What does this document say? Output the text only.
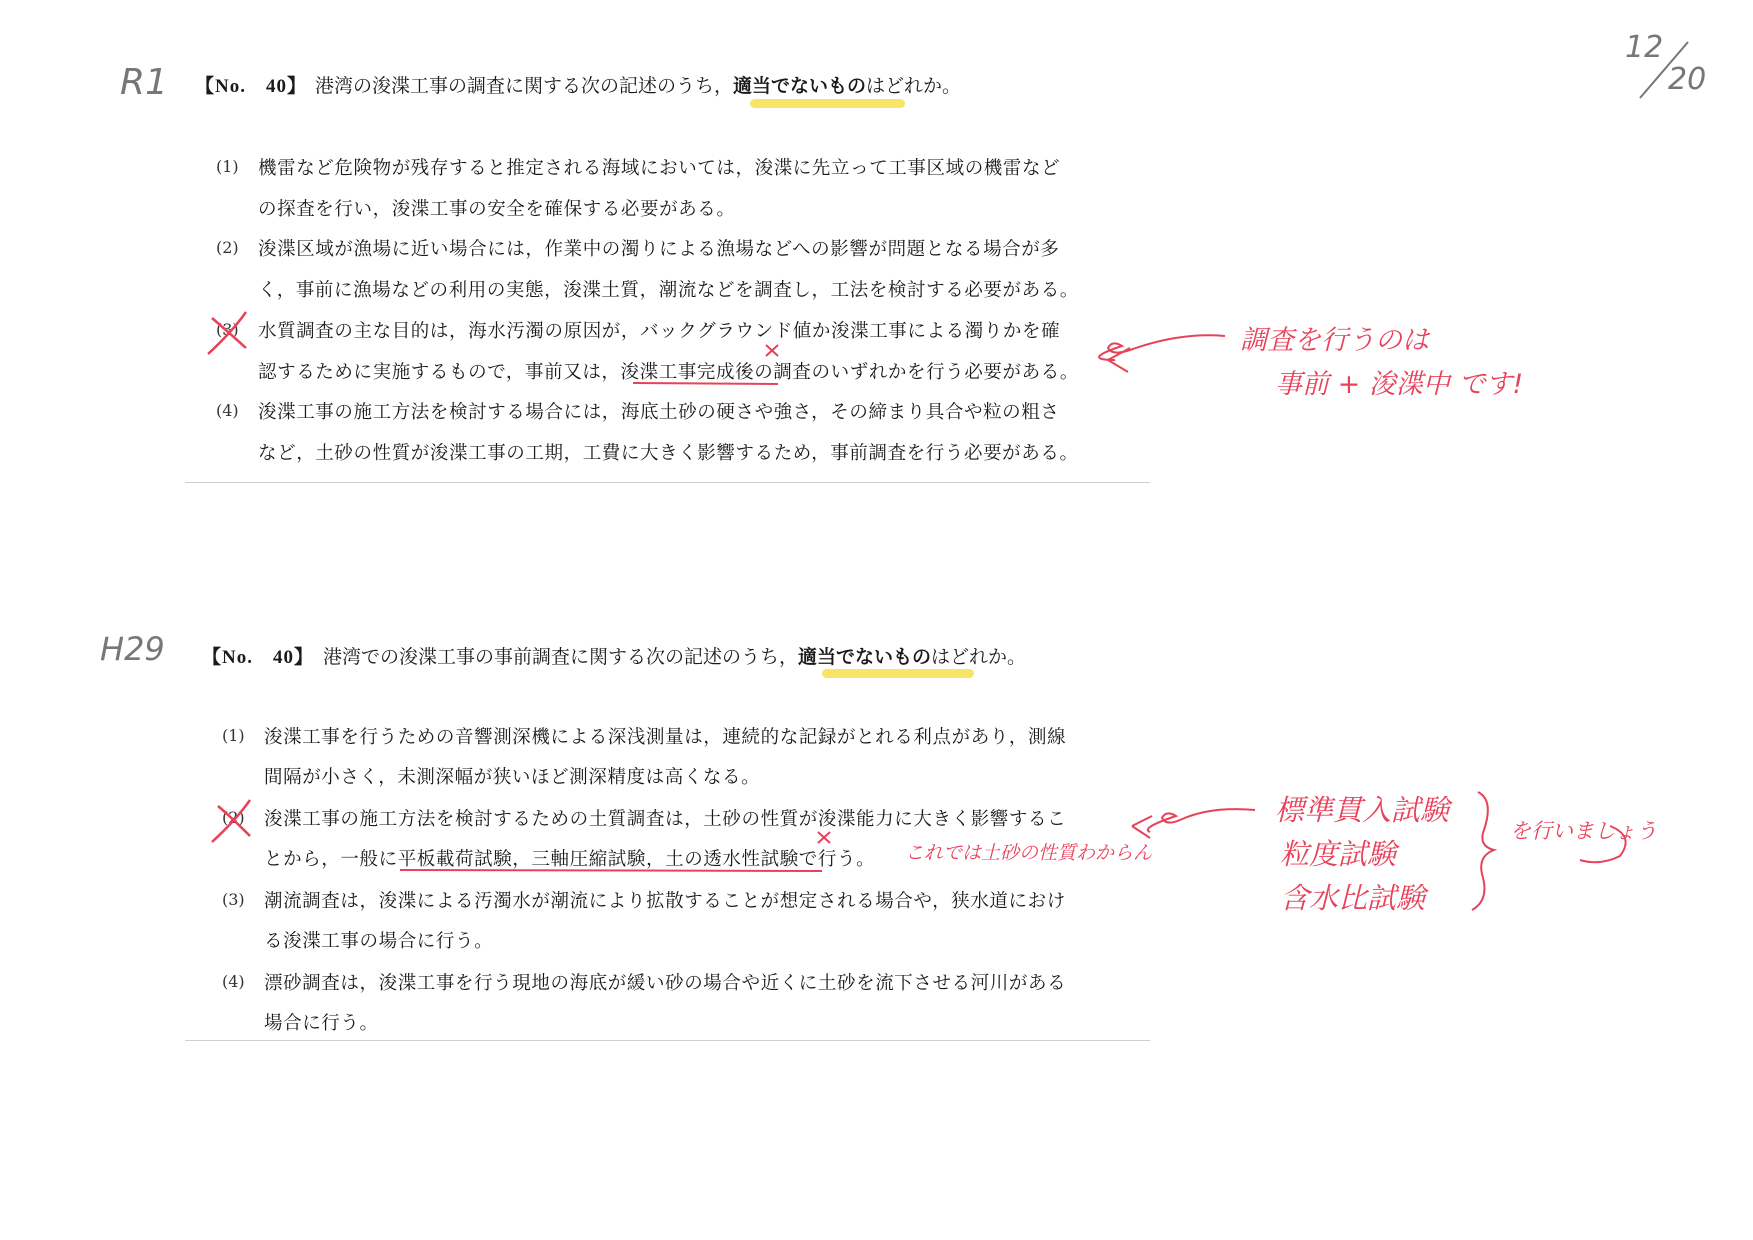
12
20
R1 【No.　40】 港湾の浚渫工事の調査に関する次の記述のうち，適当でないものはどれか。
(1) 機雷など危険物が残存すると推定される海域においては，浚渫に先立って工事区域の機雷など
の探査を行い，浚渫工事の安全を確保する必要がある。
(2) 浚渫区域が漁場に近い場合には，作業中の濁りによる漁場などへの影響が問題となる場合が多
く，事前に漁場などの利用の実態，浚渫土質，潮流などを調査し，工法を検討する必要がある。
(3) 水質調査の主な目的は，海水汚濁の原因が，バックグラウンド値か浚渫工事による濁りかを確
認するために実施するもので，事前又は，浚渫工事完成後の調査のいずれかを行う必要がある。
(4) 浚渫工事の施工方法を検討する場合には，海底土砂の硬さや強さ，その締まり具合や粒の粗さ
など，土砂の性質が浚渫工事の工期，工費に大きく影響するため，事前調査を行う必要がある。
調査を行うのは
事前 + 浚渫中 です!
H29 【No.　40】 港湾での浚渫工事の事前調査に関する次の記述のうち，適当でないものはどれか。
(1) 浚渫工事を行うための音響測深機による深浅測量は，連続的な記録がとれる利点があり，測線
間隔が小さく，未測深幅が狭いほど測深精度は高くなる。
(2) 浚渫工事の施工方法を検討するための土質調査は，土砂の性質が浚渫能力に大きく影響するこ
とから，一般に平板載荷試験，三軸圧縮試験，土の透水性試験で行う。
(3) 潮流調査は，浚渫による汚濁水が潮流により拡散することが想定される場合や，狭水道におけ
る浚渫工事の場合に行う。
(4) 漂砂調査は，浚渫工事を行う現地の海底が緩い砂の場合や近くに土砂を流下させる河川がある
場合に行う。
これでは土砂の性質わからん
標準貫入試験
粒度試験
含水比試験
を行いましょう
